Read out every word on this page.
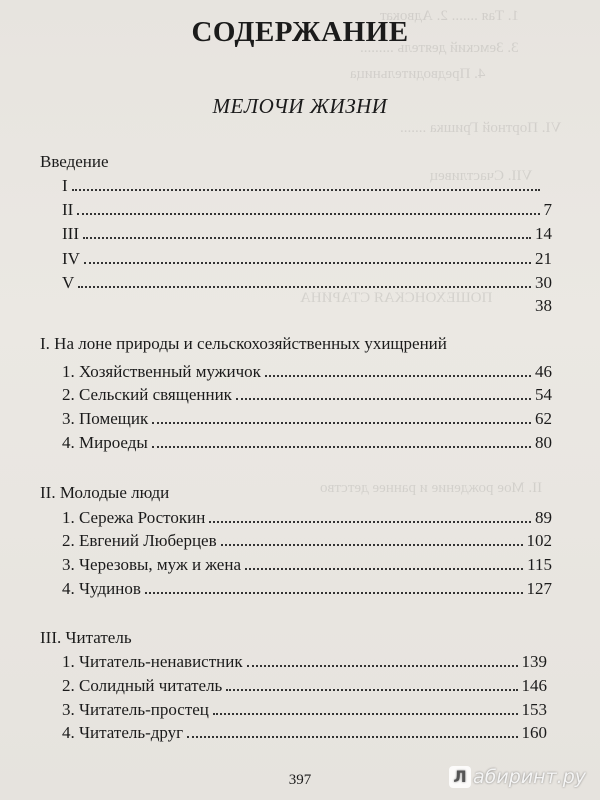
1. Тая ....... 2. Адвокат
3. Земский деятель .........
4. Предводительница
VI. Портной Гришка .......
VII. Счастливец
ПОШЕХОНСКАЯ СТАРИНА
II. Мое рождение и раннее детство
СОДЕРЖАНИЕ
МЕЛОЧИ ЖИЗНИ
Введение
I
II	7
III	14
IV	21
V	30
38
I. На лоне природы и сельскохозяйственных ухищрений
1. Хозяйственный мужичок	46
2. Сельский священник	54
3. Помещик	62
4. Мироеды	80
II. Молодые люди
1. Сережа Ростокин	89
2. Евгений Люберцев	102
3. Черезовы, муж и жена	115
4. Чудинов	127
III. Читатель
1. Читатель-ненавистник	139
2. Солидный читатель	146
3. Читатель-простец	153
4. Читатель-друг	160
397	Л абиринт.ру
